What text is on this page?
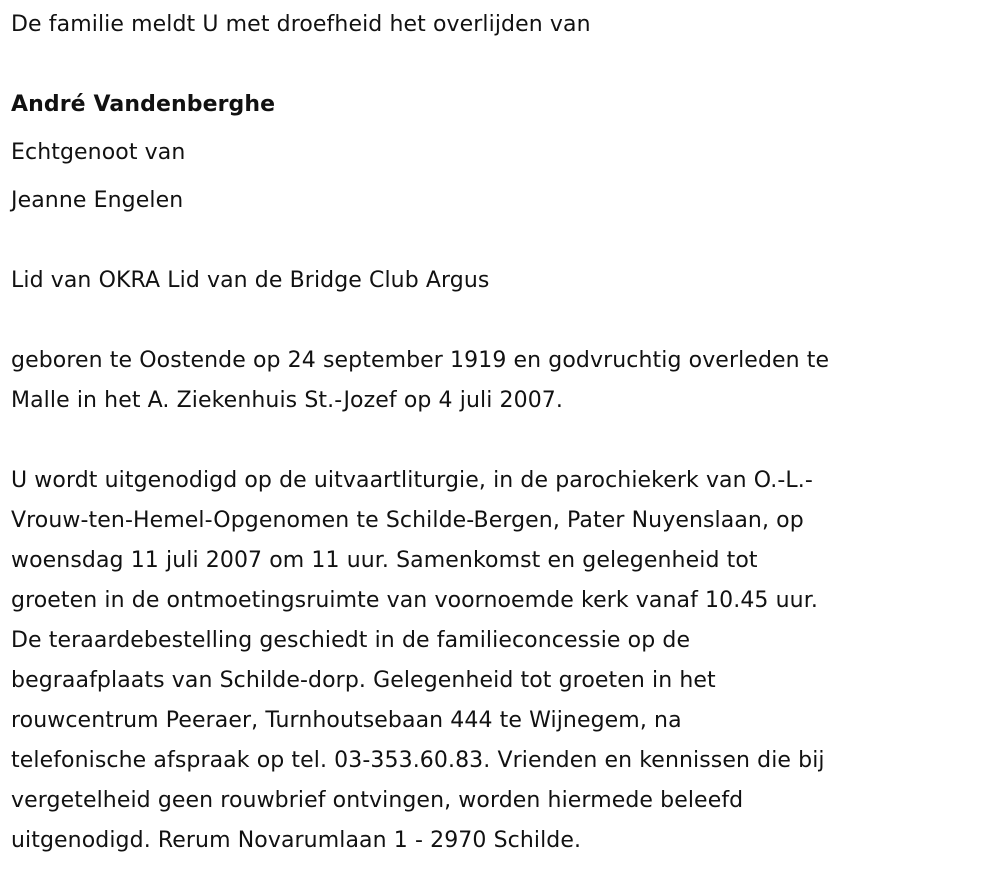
De familie meldt U met droefheid het overlijden van
André Vandenberghe
Echtgenoot van
Jeanne Engelen
Lid van OKRA Lid van de Bridge Club Argus
geboren te Oostende op 24 september 1919 en godvruchtig overleden te
Malle in het A. Ziekenhuis St.-Jozef op 4 juli 2007.
U wordt uitgenodigd op de uitvaartliturgie, in de parochiekerk van O.-L.-
Vrouw-ten-Hemel-Opgenomen te Schilde-Bergen, Pater Nuyenslaan, op
woensdag 11 juli 2007 om 11 uur. Samenkomst en gelegenheid tot
groeten in de ontmoetingsruimte van voornoemde kerk vanaf 10.45 uur.
De teraardebestelling geschiedt in de familieconcessie op de
begraafplaats van Schilde-dorp. Gelegenheid tot groeten in het
rouwcentrum Peeraer, Turnhoutsebaan 444 te Wijnegem, na
telefonische afspraak op tel. 03-353.60.83. Vrienden en kennissen die bij
vergetelheid geen rouwbrief ontvingen, worden hiermede beleefd
uitgenodigd. Rerum Novarumlaan 1 - 2970 Schilde.
